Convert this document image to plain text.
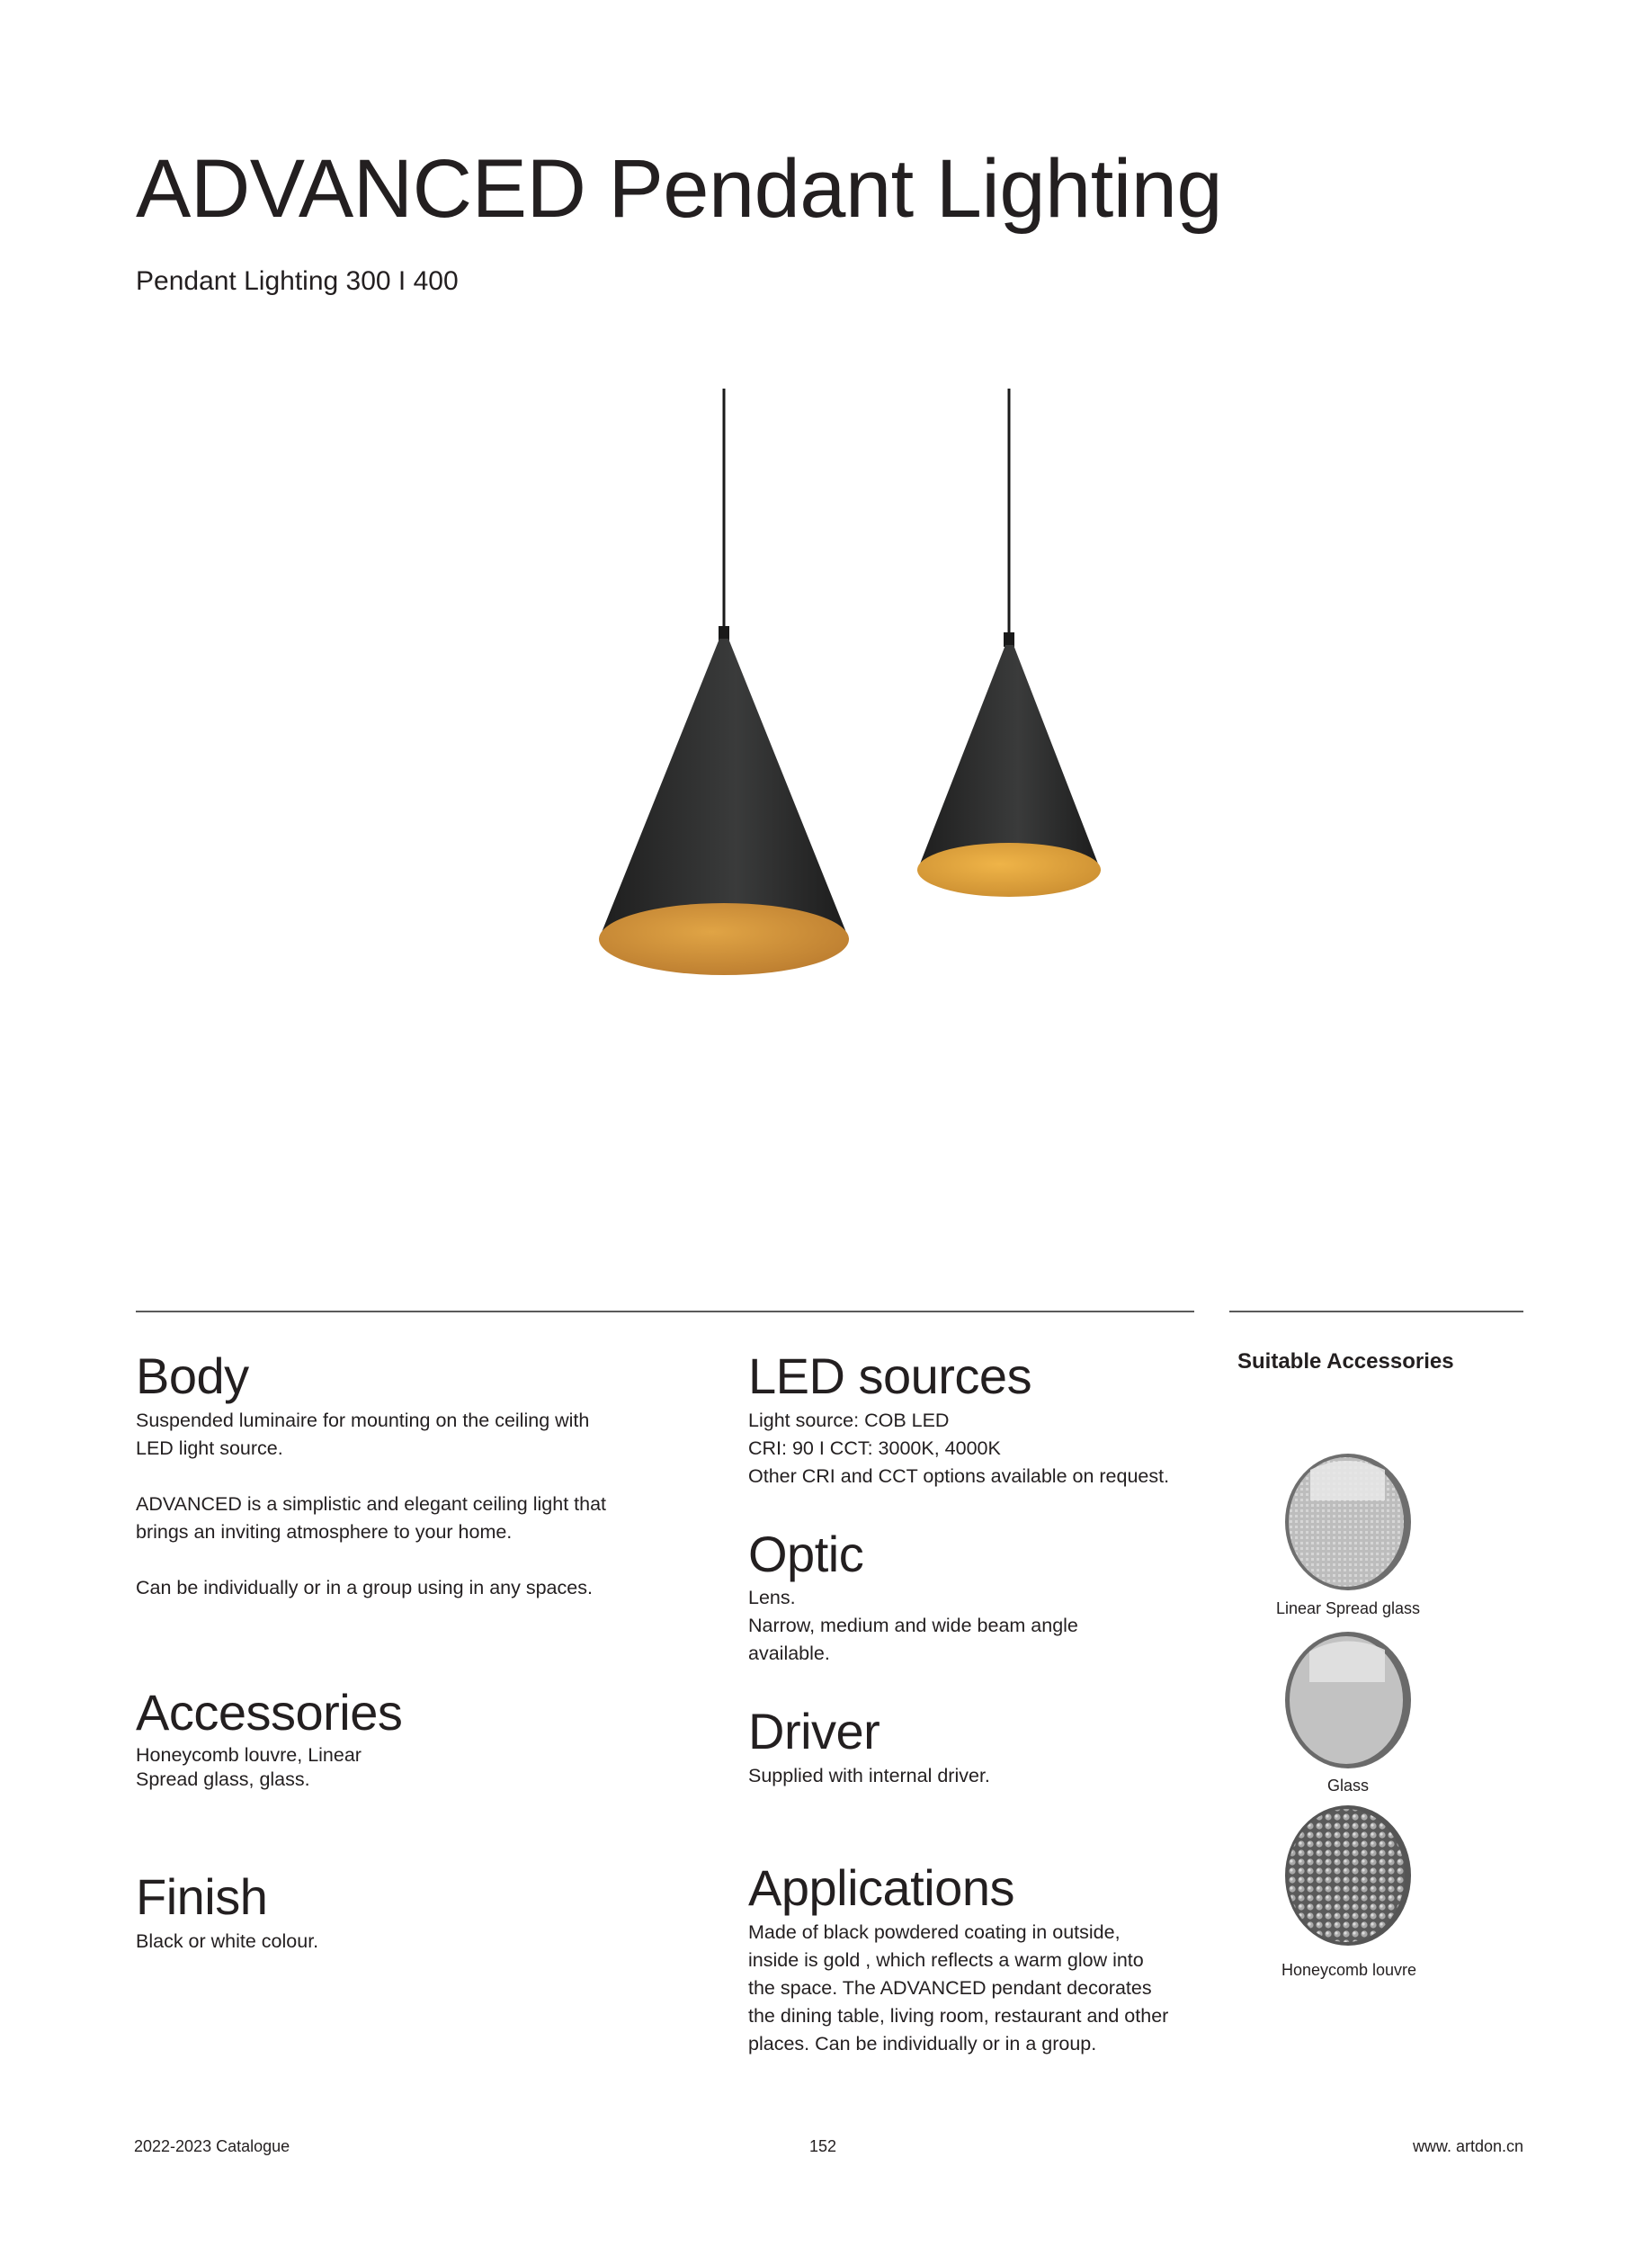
ADVANCED Pendant Lighting
Pendant Lighting 300 I 400
Body
Suspended luminaire for mounting on the ceiling with
LED light source.

ADVANCED is a simplistic and elegant ceiling light that
brings an inviting atmosphere to your home.

Can be individually or in a group using in any spaces.
Accessories
Honeycomb louvre, Linear
Spread glass, glass.
Finish
Black or white colour.
LED sources
Light source: COB LED
CRI: 90 I CCT: 3000K, 4000K
Other CRI and CCT options available on request.
Optic
Lens.
Narrow, medium and wide beam angle
available.
Driver
Supplied with internal driver.
Applications
Made of black powdered coating in outside,
inside is gold , which reflects a warm glow into
the space. The ADVANCED pendant decorates
the dining table, living room, restaurant and other
places. Can be individually or in a group.
Suitable Accessories
Linear Spread glass
Glass
Honeycomb louvre
2022-2023 Catalogue	152	www. artdon.cn
